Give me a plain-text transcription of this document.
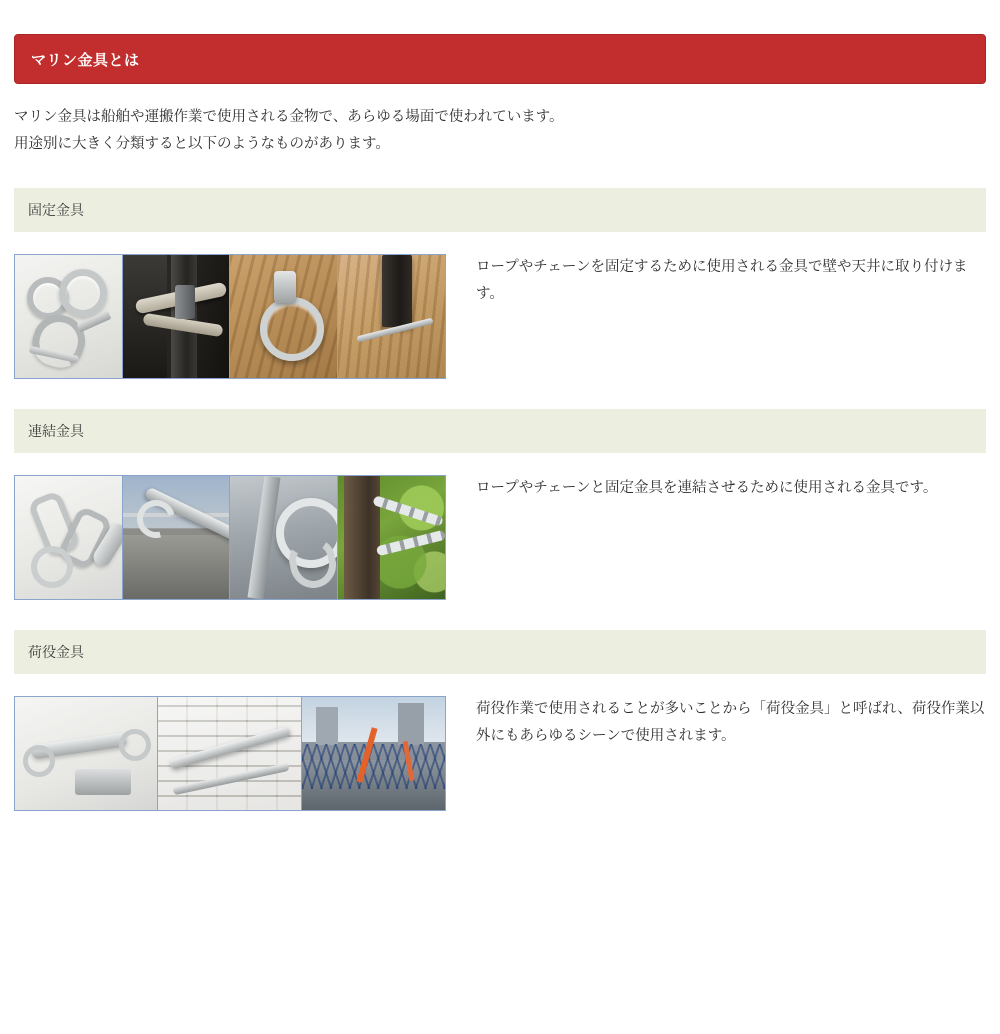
マリン金具とは

マリン金具は船舶や運搬作業で使用される金物で、あらゆる場面で使われています。

用途別に大きく分類すると以下のようなものがあります。

固定金具

ロープやチェーンを固定するために使用される金具で壁や天井に取り付けます。

連結金具

ロープやチェーンと固定金具を連結させるために使用される金具です。

荷役金具

荷役作業で使用されることが多いことから「荷役金具」と呼ばれ、荷役作業以外にもあらゆるシーンで使用されます。
